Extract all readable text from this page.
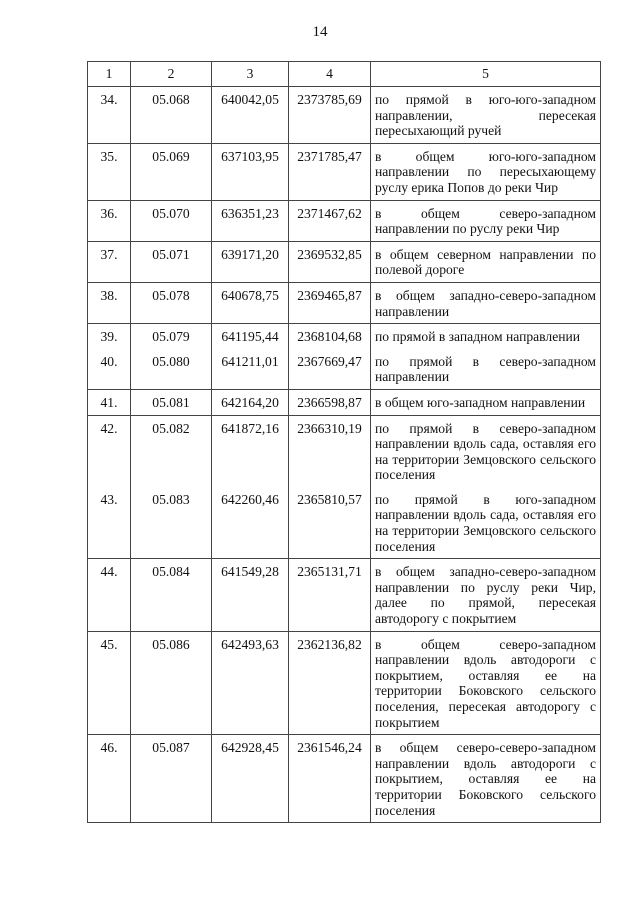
14
1	2	3	4	5
34.	05.068	640042,05	2373785,69	по прямой в юго-юго-западном направлении, пересекая пересыхающий ручей
35.	05.069	637103,95	2371785,47	в общем юго-юго-западном направлении по пересыхающему руслу ерика Попов до реки Чир
36.	05.070	636351,23	2371467,62	в общем северо-западном направлении по руслу реки Чир
37.	05.071	639171,20	2369532,85	в общем северном направлении по полевой дороге
38.	05.078	640678,75	2369465,87	в общем западно-северо-западном направлении
39.	05.079	641195,44	2368104,68	по прямой в западном направлении
40.	05.080	641211,01	2367669,47	по прямой в северо-западном направлении
41.	05.081	642164,20	2366598,87	в общем юго-западном направлении
42.	05.082	641872,16	2366310,19	по прямой в северо-западном направлении вдоль сада, оставляя его на территории Земцовского сельского поселения
43.	05.083	642260,46	2365810,57	по прямой в юго-западном направлении вдоль сада, оставляя его на территории Земцовского сельского поселения
44.	05.084	641549,28	2365131,71	в общем западно-северо-западном направлении по руслу реки Чир, далее по прямой, пересекая автодорогу с покрытием
45.	05.086	642493,63	2362136,82	в общем северо-западном направлении вдоль автодороги с покрытием, оставляя ее на территории Боковского сельского поселения, пересекая автодорогу с покрытием
46.	05.087	642928,45	2361546,24	в общем северо-северо-западном направлении вдоль автодороги с покрытием, оставляя ее на территории Боковского сельского поселения
